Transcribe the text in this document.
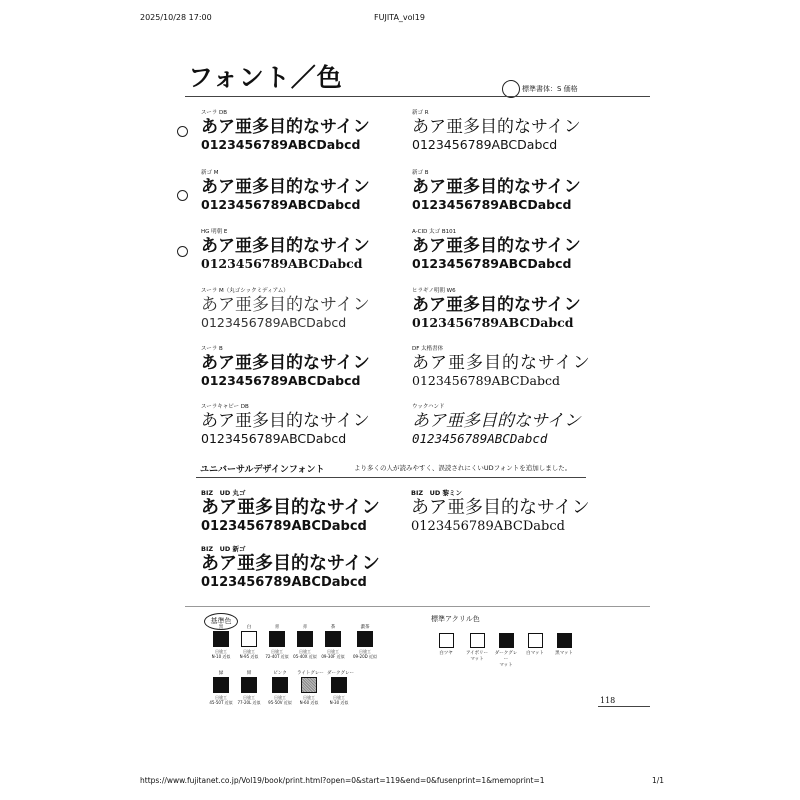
2025/10/28 17:00	FUJITA_vol19
フォント／色	標準書体：S 価格
スーラ DB
あア亜多目的なサイン
0123456789ABCDabcd
新ゴ R
あア亜多目的なサイン
0123456789ABCDabcd
新ゴ M
あア亜多目的なサイン
0123456789ABCDabcd
新ゴ B
あア亜多目的なサイン
0123456789ABCDabcd
HG 明朝 E
あア亜多目的なサイン
0123456789ABCDabcd
A-CID 太ゴ B101
あア亜多目的なサイン
0123456789ABCDabcd
スーラ M（丸ゴシックミディアム）
あア亜多目的なサイン
0123456789ABCDabcd
ヒラギノ明朝 W6
あア亜多目的なサイン
0123456789ABCDabcd
スーラ B
あア亜多目的なサイン
0123456789ABCDabcd
DF 太楷書体
あア亜多目的なサイン
0123456789ABCDabcd
スーラキャピー DB
あア亜多目的なサイン
0123456789ABCDabcd
ウックハンド
あア亜多目的なサイン
0123456789ABCDabcd
ユニバーサルデザインフォント	より多くの人が読みやすく、誤読されにくいUDフォントを追加しました。
BIZ　UD 丸ゴ
あア亜多目的なサイン
0123456789ABCDabcd
BIZ　UD 黎ミン
あア亜多目的なサイン
0123456789ABCDabcd
BIZ　UD 新ゴ
あア亜多目的なサイン
0123456789ABCDabcd
基準色	標準アクリル色
黒
日塗工
N-10 近似
白
日塗工
N-95 近似
青
日塗工
72-40T 近似
赤
日塗工
05-40X 近似
茶
日塗工
09-30F 近似
濃茶
日塗工
09-20D 近似
緑
日塗工
45-50T 近似
紺
日塗工
77-20L 近似
ピンク
日塗工
95-50V 近似
ライトグレー
日塗工
N-60 近似
ダークグレー
日塗工
N-30 近似
白ツヤ	アイボリー
マット
ダークグレー
マット
白マット	黒マット
118
https://www.fujitanet.co.jp/Vol19/book/print.html?open=0&start=119&end=0&fusenprint=1&memoprint=1	1/1
